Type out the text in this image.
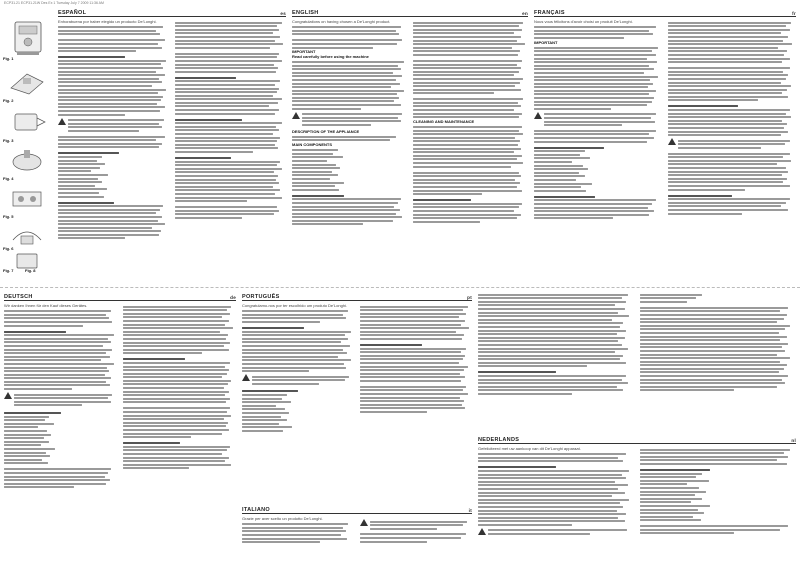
ECP31.21 ECP31.21W Des Ex 1 Tuesday July 7 2009 11:36 AM
Fig. 1
Fig. 2
Fig. 3
Fig. 4
Fig. 5
Fig. 6
Fig. 7	Fig. 8
ESPAÑOL	es
Enhorabuena por haber elegido un producto De'Longhi.
ENGLISH	en
Congratulations on having chosen a De'Longhi product.
IMPORTANT
Read carefully before using the machine
DESCRIPTION OF THE APPLIANCE
MAIN COMPONENTS
CLEANING AND MAINTENANCE
FRANÇAIS	fr
Nous vous félicitons d'avoir choisi un produit De'Longhi.
IMPORTANT
DEUTSCH	de
Wir danken Ihnen für den Kauf dieses Gerätes.
PORTUGUÊS	pt
Congratulamo-nos por ter escolhido um produto De'Longhi.
ITALIANO	it
Grazie per aver scelto un prodotto De'Longhi.
NEDERLANDS	nl
Gefeliciteerd met uw aankoop van dit De'Longhi apparaat.
